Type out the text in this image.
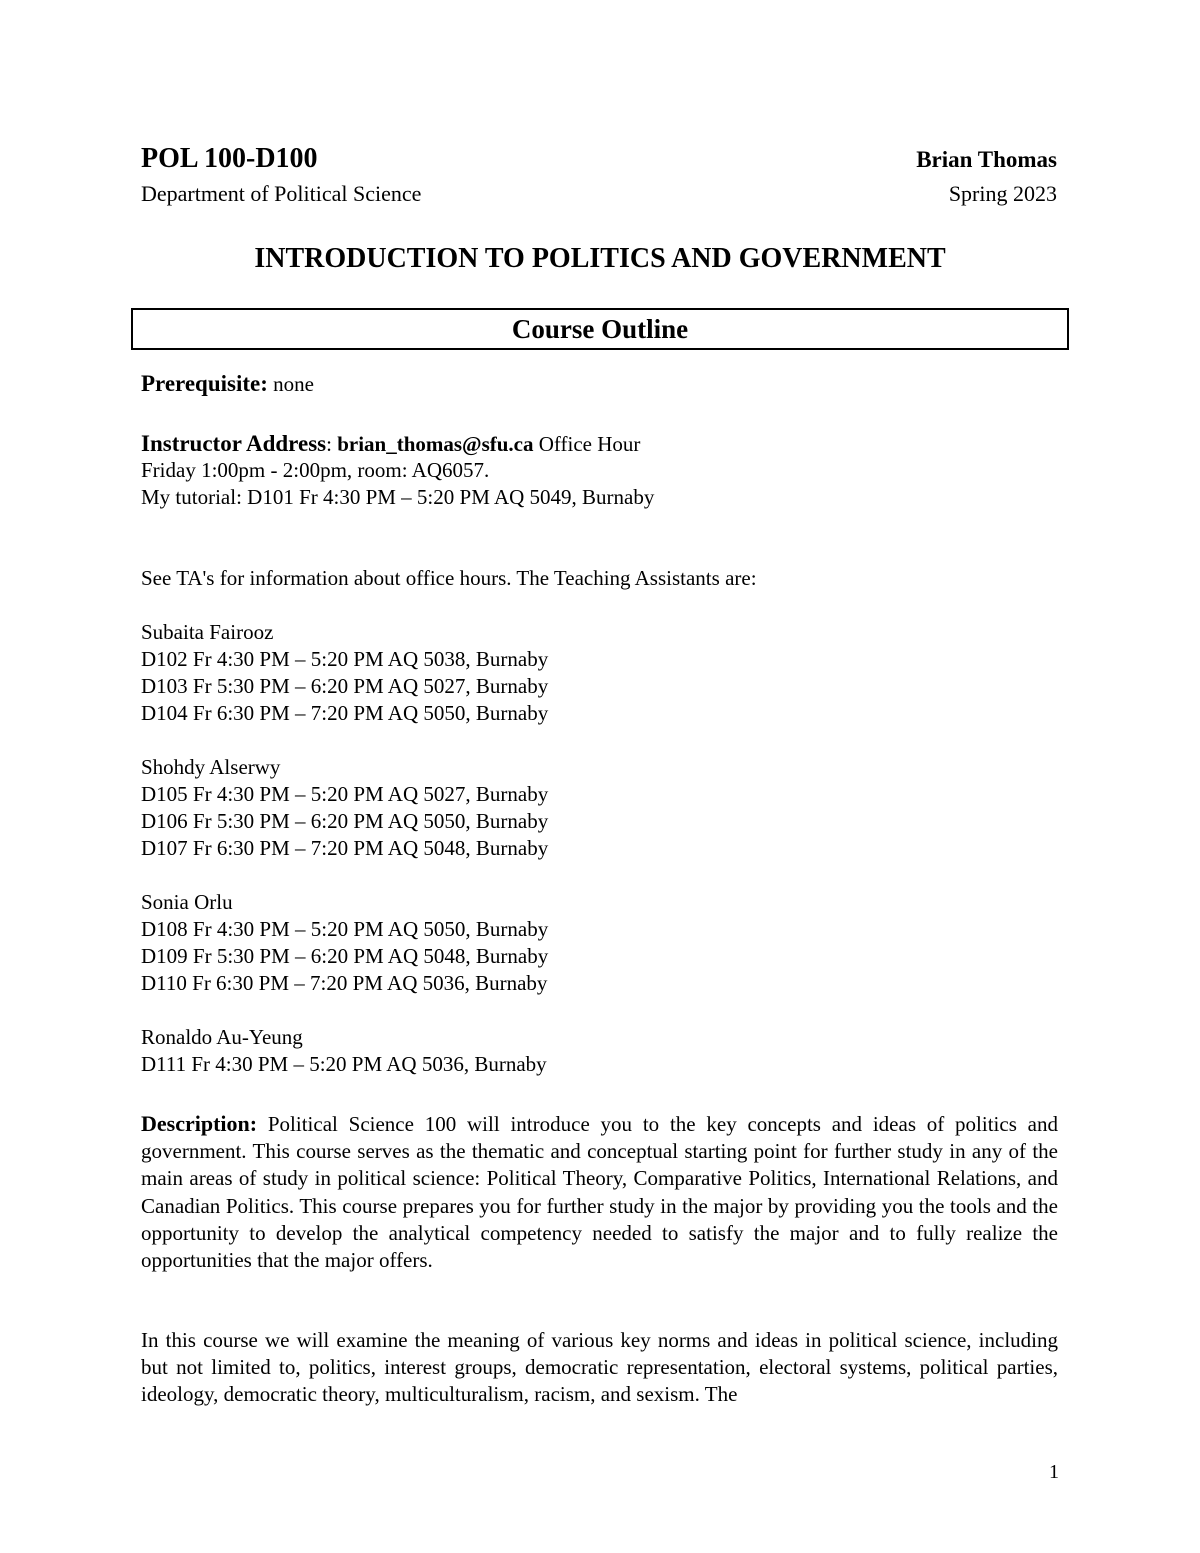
POL 100-D100	Brian Thomas
Department of Political Science	Spring 2023
INTRODUCTION TO POLITICS AND GOVERNMENT
Course Outline
Prerequisite: none
Instructor Address: brian_thomas@sfu.ca Office Hour
Friday 1:00pm - 2:00pm, room: AQ6057.
My tutorial: D101 Fr 4:30 PM – 5:20 PM AQ 5049, Burnaby
See TA's for information about office hours. The Teaching Assistants are:
Subaita Fairooz
D102 Fr 4:30 PM – 5:20 PM AQ 5038, Burnaby
D103 Fr 5:30 PM – 6:20 PM AQ 5027, Burnaby
D104 Fr 6:30 PM – 7:20 PM AQ 5050, Burnaby
Shohdy Alserwy
D105 Fr 4:30 PM – 5:20 PM AQ 5027, Burnaby
D106 Fr 5:30 PM – 6:20 PM AQ 5050, Burnaby
D107 Fr 6:30 PM – 7:20 PM AQ 5048, Burnaby
Sonia Orlu
D108 Fr 4:30 PM – 5:20 PM AQ 5050, Burnaby
D109 Fr 5:30 PM – 6:20 PM AQ 5048, Burnaby
D110 Fr 6:30 PM – 7:20 PM AQ 5036, Burnaby
Ronaldo Au-Yeung
D111 Fr 4:30 PM – 5:20 PM AQ 5036, Burnaby
Description: Political Science 100 will introduce you to the key concepts and ideas of politics and government. This course serves as the thematic and conceptual starting point for further study in any of the main areas of study in political science: Political Theory, Comparative Politics, International Relations, and Canadian Politics. This course prepares you for further study in the major by providing you the tools and the opportunity to develop the analytical competency needed to satisfy the major and to fully realize the opportunities that the major offers.
In this course we will examine the meaning of various key norms and ideas in political science, including but not limited to, politics, interest groups, democratic representation, electoral systems, political parties, ideology, democratic theory, multiculturalism, racism, and sexism. The
1
